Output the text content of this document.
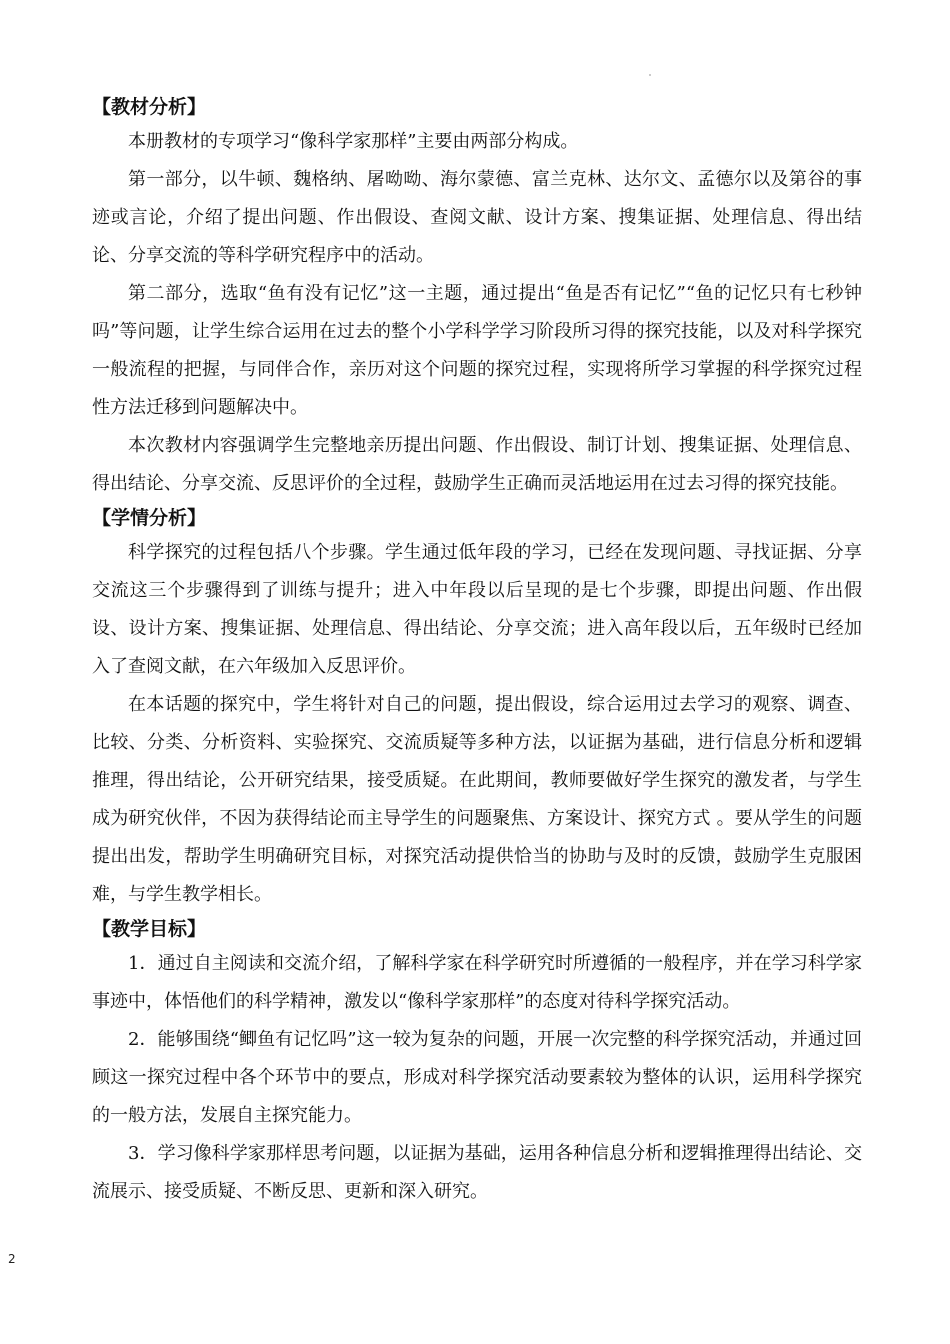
【教材分析】

本册教材的专项学习“像科学家那样”主要由两部分构成。

第一部分，以牛顿、魏格纳、屠呦呦、海尔蒙德、富兰克林、达尔文、孟德尔以及第谷的事迹或言论，介绍了提出问题、作出假设、查阅文献、设计方案、搜集证据、处理信息、得出结论、分享交流的等科学研究程序中的活动。

第二部分，选取“鱼有没有记忆”这一主题，通过提出“鱼是否有记忆”“鱼的记忆只有七秒钟吗”等问题，让学生综合运用在过去的整个小学科学学习阶段所习得的探究技能，以及对科学探究一般流程的把握，与同伴合作，亲历对这个问题的探究过程，实现将所学习掌握的科学探究过程性方法迁移到问题解决中。

本次教材内容强调学生完整地亲历提出问题、作出假设、制订计划、搜集证据、处理信息、得出结论、分享交流、反思评价的全过程，鼓励学生正确而灵活地运用在过去习得的探究技能。

【学情分析】

科学探究的过程包括八个步骤。学生通过低年段的学习，已经在发现问题、寻找证据、分享交流这三个步骤得到了训练与提升；进入中年段以后呈现的是七个步骤，即提出问题、作出假设、设计方案、搜集证据、处理信息、得出结论、分享交流；进入高年段以后，五年级时已经加入了查阅文献，在六年级加入反思评价。

在本话题的探究中，学生将针对自己的问题，提出假设，综合运用过去学习的观察、调查、比较、分类、分析资料、实验探究、交流质疑等多种方法，以证据为基础，进行信息分析和逻辑推理，得出结论，公开研究结果，接受质疑。在此期间，教师要做好学生探究的激发者，与学生成为研究伙伴，不因为获得结论而主导学生的问题聚焦、方案设计、探究方式 。要从学生的问题提出出发，帮助学生明确研究目标，对探究活动提供恰当的协助与及时的反馈，鼓励学生克服困难，与学生教学相长。

【教学目标】

1．通过自主阅读和交流介绍，了解科学家在科学研究时所遵循的一般程序，并在学习科学家事迹中，体悟他们的科学精神，激发以“像科学家那样”的态度对待科学探究活动。

2．能够围绕“鲫鱼有记忆吗”这一较为复杂的问题，开展一次完整的科学探究活动，并通过回顾这一探究过程中各个环节中的要点，形成对科学探究活动要素较为整体的认识，运用科学探究的一般方法，发展自主探究能力。

3．学习像科学家那样思考问题，以证据为基础，运用各种信息分析和逻辑推理得出结论、交流展示、接受质疑、不断反思、更新和深入研究。

2
